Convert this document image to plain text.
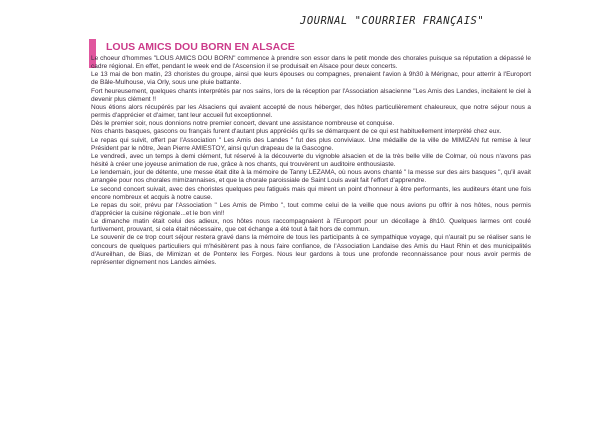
JOURNAL "COURRIER FRANÇAIS"
LOUS AMICS DOU BORN EN ALSACE

Le choeur d'hommes "LOUS AMICS DOU BORN" commence à prendre son essor dans le petit monde des chorales puisque sa réputation a dépassé le cadre régional. En effet, pendant le week end de l'Ascension il se produisait en Alsace pour deux concerts.

Le 13 mai de bon matin, 23 choristes du groupe, ainsi que leurs épouses ou compagnes, prenaient l'avion à 9h30 à Mérignac, pour atterrir à l'Europort de Bâle-Mulhouse, via Orly, sous une pluie battante.

Fort heureusement, quelques chants interprétés par nos sains, lors de la réception par l'Association alsacienne "Les Amis des Landes, incitaient le ciel à devenir plus clément !!

Nous étions alors récupérés par les Alsaciens qui avaient accepté de nous héberger, des hôtes particulièrement chaleureux, que notre séjour nous a permis d'apprécier et d'aimer, tant leur accueil fut exceptionnel.

Dès le premier soir, nous donnions notre premier concert, devant une assistance nombreuse et conquise.

Nos chants basques, gascons ou français furent d'autant plus appréciés qu'ils se démarquent de ce qui est habituellement interprété chez eux.

Le repas qui suivit, offert par l'Association " Les Amis des Landes " fut des plus conviviaux. Une médaille de la ville de MIMIZAN fut remise à leur Président par le nôtre, Jean Pierre AMIESTOY, ainsi qu'un drapeau de la Gascogne.

Le vendredi, avec un temps à demi clément, fut réservé à la découverte du vignoble alsacien et de la très belle ville de Colmar, où nous n'avons pas hésité à créer une joyeuse animation de rue, grâce à nos chants, qui trouvèrent un auditoire enthousiaste.

Le lendemain, jour de détente, une messe était dite à la mémoire de Tanny LEZAMA, où nous avons chanté " la messe sur des airs basques ", qu'il avait arrangée pour nos chorales mimizannaises, et que la chorale paroissiale de Saint Louis avait fait l'effort d'apprendre.

Le second concert suivait, avec des choristes quelques peu fatigués mais qui mirent un point d'honneur à être performants, les auditeurs étant une fois encore nombreux et acquis à notre cause.

Le repas du soir, prévu par l'Association " Les Amis de Pimbo ", tout comme celui de la veille que nous avions pu offrir à nos hôtes, nous permis d'apprécier la cuisine régionale...et le bon vin!!

Le dimanche matin était celui des adieux, nos hôtes nous raccompagnaient à l'Europort pour un décollage à 8h10. Quelques larmes ont coulé furtivement, prouvant, si cela était nécessaire, que cet échange a été tout à fait hors de commun.

Le souvenir de ce trop court séjour restera gravé dans la mémoire de tous les participants à ce sympathique voyage, qui n'aurait pu se réaliser sans le concours de quelques particuliers qui m'hésitèrent pas à nous faire confiance, de l'Association Landaise des Amis du Haut Rhin et des municipalités d'Aureilhan, de Bias, de Mimizan et de Pontenx les Forges. Nous leur gardons à tous une profonde reconnaissance pour nous avoir permis de représenter dignement nos Landes aimées.
